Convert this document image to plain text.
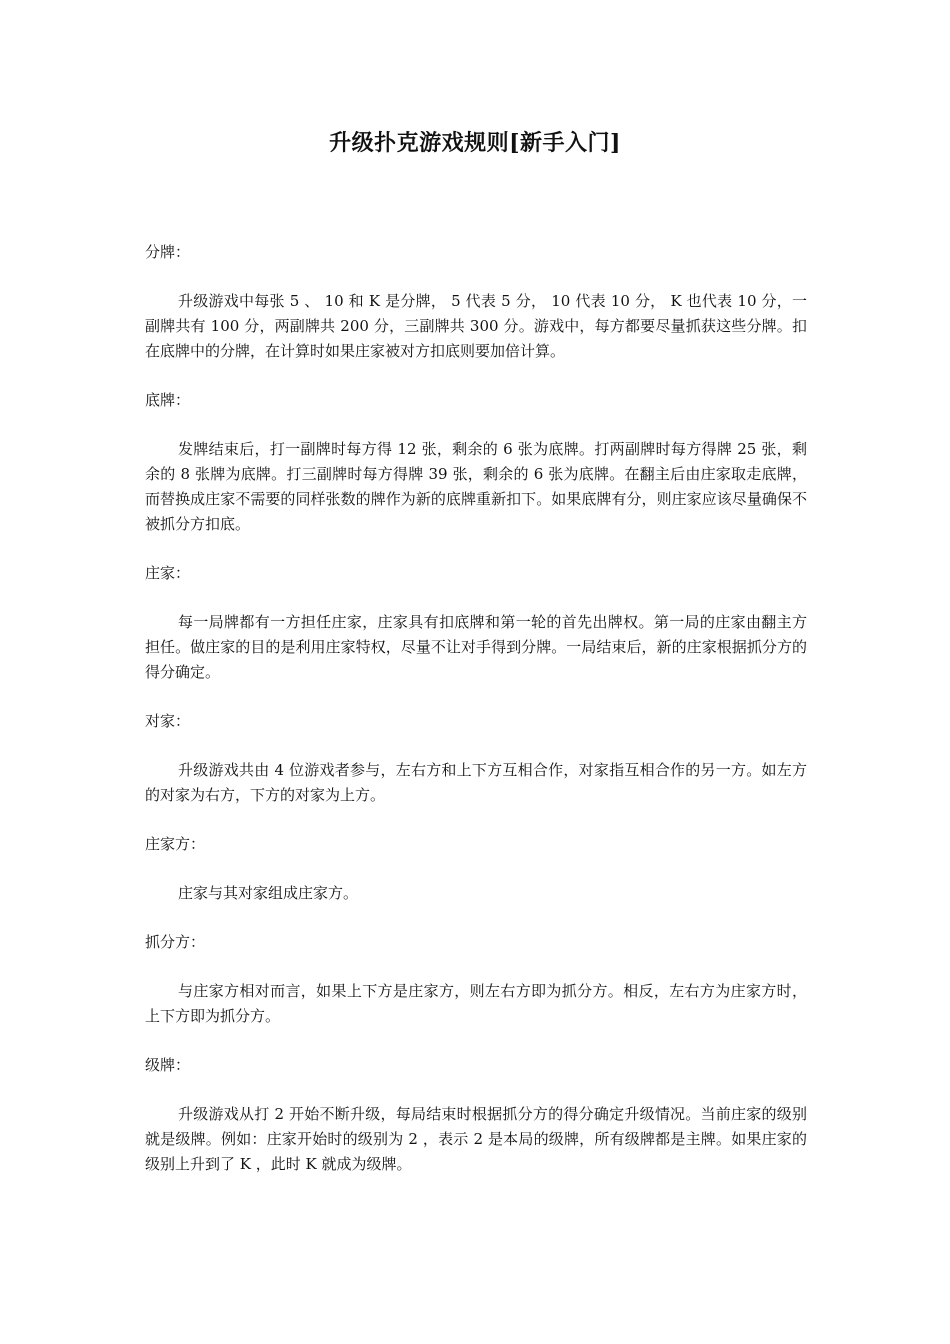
升级扑克游戏规则[新手入门]

分牌：

升级游戏中每张 5 、 10 和 K 是分牌， 5 代表 5 分， 10 代表 10 分， K 也代表 10 分，一副牌共有 100 分，两副牌共 200 分，三副牌共 300 分。游戏中，每方都要尽量抓获这些分牌。扣在底牌中的分牌，在计算时如果庄家被对方扣底则要加倍计算。

底牌：

发牌结束后，打一副牌时每方得 12 张，剩余的 6 张为底牌。打两副牌时每方得牌 25 张，剩余的 8 张牌为底牌。打三副牌时每方得牌 39 张，剩余的 6 张为底牌。在翻主后由庄家取走底牌，而替换成庄家不需要的同样张数的牌作为新的底牌重新扣下。如果底牌有分，则庄家应该尽量确保不被抓分方扣底。

庄家：

每一局牌都有一方担任庄家，庄家具有扣底牌和第一轮的首先出牌权。第一局的庄家由翻主方担任。做庄家的目的是利用庄家特权，尽量不让对手得到分牌。一局结束后，新的庄家根据抓分方的得分确定。

对家：

升级游戏共由 4 位游戏者参与，左右方和上下方互相合作，对家指互相合作的另一方。如左方的对家为右方，下方的对家为上方。

庄家方：

庄家与其对家组成庄家方。

抓分方：

与庄家方相对而言，如果上下方是庄家方，则左右方即为抓分方。相反，左右方为庄家方时，上下方即为抓分方。

级牌：

升级游戏从打 2 开始不断升级，每局结束时根据抓分方的得分确定升级情况。当前庄家的级别就是级牌。例如：庄家开始时的级别为 2 ，表示 2 是本局的级牌，所有级牌都是主牌。如果庄家的级别上升到了 K ，此时 K 就成为级牌。
